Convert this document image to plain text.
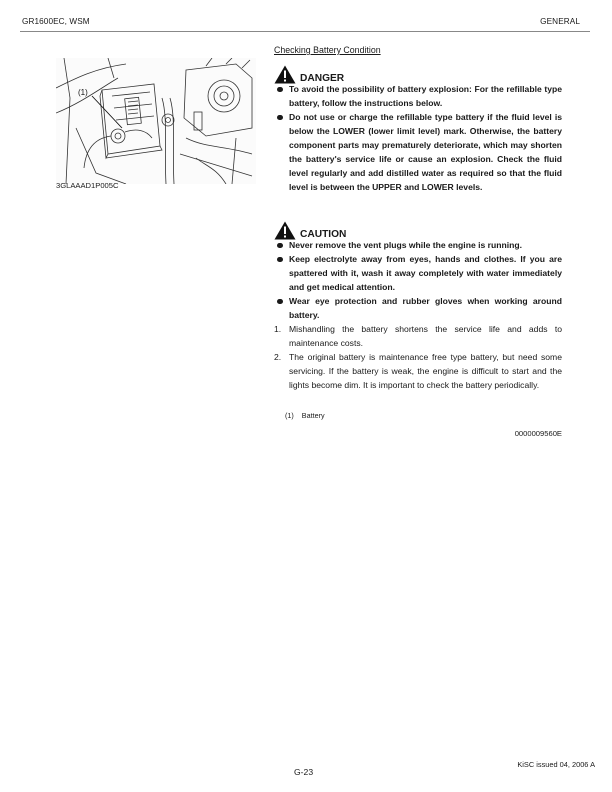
GR1600EC, WSM	GENERAL
(1)
3GLAAAD1P005C
Checking Battery Condition
DANGER
To avoid the possibility of battery explosion: For the refillable type battery, follow the instructions below.
Do not use or charge the refillable type battery if the fluid level is below the LOWER (lower limit level) mark. Otherwise, the battery component parts may prematurely deteriorate, which may shorten the battery's service life or cause an explosion. Check the fluid level regularly and add distilled water as required so that the fluid level is between the UPPER and LOWER levels.
CAUTION
Never remove the vent plugs while the engine is running.
Keep electrolyte away from eyes, hands and clothes. If you are spattered with it, wash it away completely with water immediately and get medical attention.
Wear eye protection and rubber gloves when working around battery.
1. Mishandling the battery shortens the service life and adds to maintenance costs.
2. The original battery is maintenance free type battery, but need some servicing. If the battery is weak, the engine is difficult to start and the lights become dim. It is important to check the battery periodically.
(1) Battery
0000009560E
G-23
KiSC issued 04, 2006 A
